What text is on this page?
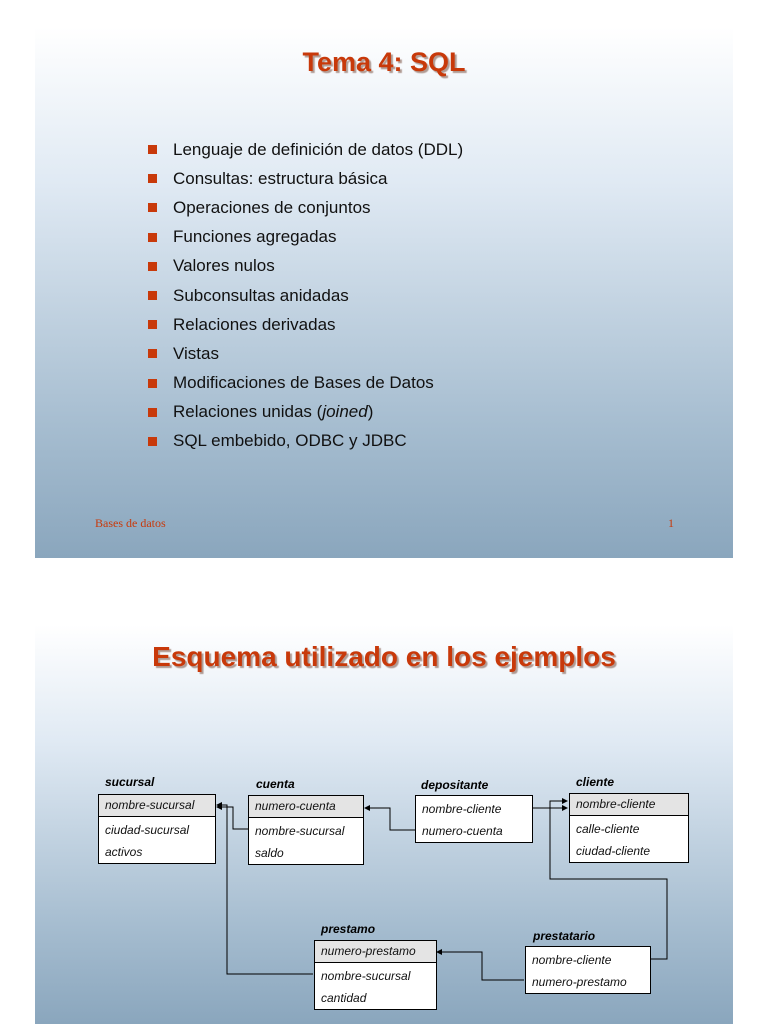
Tema 4: SQL
Lenguaje de definición de datos (DDL)
Consultas: estructura básica
Operaciones de conjuntos
Funciones agregadas
Valores nulos
Subconsultas anidadas
Relaciones derivadas
Vistas
Modificaciones de Bases de Datos
Relaciones unidas ( joined )
SQL embebido, ODBC y JDBC
Bases de datos	1
Esquema utilizado en los ejemplos
sucursal
nombre-sucursal
ciudad-sucursal
activos
cuenta
numero-cuenta
nombre-sucursal
saldo
depositante
nombre-cliente
numero-cuenta
cliente
nombre-cliente
calle-cliente
ciudad-cliente
prestamo
numero-prestamo
nombre-sucursal
cantidad
prestatario
nombre-cliente
numero-prestamo
